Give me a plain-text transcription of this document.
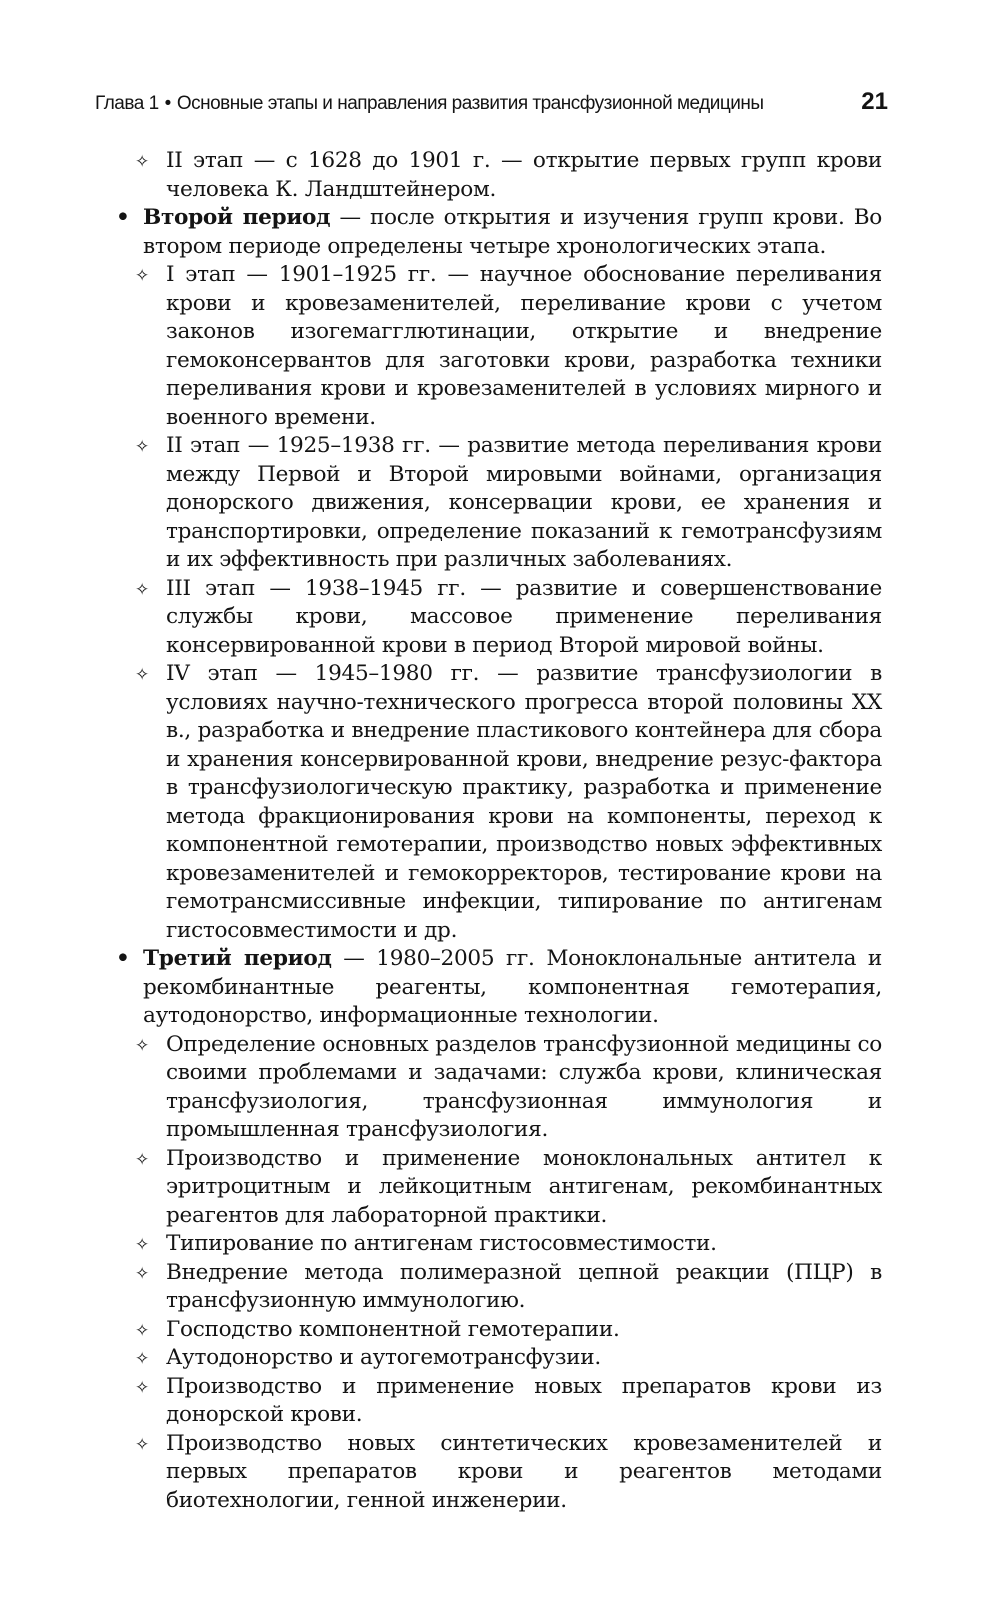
Глава 1 • Основные этапы и направления развития трансфузионной медицины	21
✧ II этап — с 1628 до 1901 г. — открытие первых групп крови человека К. Ландштейнером.
• Второй период — после открытия и изучения групп крови. Во втором периоде определены четыре хронологических этапа.
✧ I этап — 1901–1925 гг. — научное обоснование переливания крови и кровезаменителей, переливание крови с учетом законов изогемагглютинации, открытие и внедрение гемоконсервантов для заготовки крови, разработка техники переливания крови и кровезаменителей в условиях мирного и военного времени.
✧ II этап — 1925–1938 гг. — развитие метода переливания крови между Первой и Второй мировыми войнами, организация донорского движения, консервации крови, ее хранения и транспортировки, определение показаний к гемотрансфузиям и их эффективность при различных заболеваниях.
✧ III этап — 1938–1945 гг. — развитие и совершенствование службы крови, массовое применение переливания консервированной крови в период Второй мировой войны.
✧ IV этап — 1945–1980 гг. — развитие трансфузиологии в условиях научно-технического прогресса второй половины XX в., разработка и внедрение пластикового контейнера для сбора и хранения консервированной крови, внедрение резус-фактора в трансфузиологическую практику, разработка и применение метода фракционирования крови на компоненты, переход к компонентной гемотерапии, производство новых эффективных кровезаменителей и гемокорректоров, тестирование крови на гемотрансмиссивные инфекции, типирование по антигенам гистосовместимости и др.
• Третий период — 1980–2005 гг. Моноклональные антитела и рекомбинантные реагенты, компонентная гемотерапия, аутодонорство, информационные технологии.
✧ Определение основных разделов трансфузионной медицины со своими проблемами и задачами: служба крови, клиническая трансфузиология, трансфузионная иммунология и промышленная трансфузиология.
✧ Производство и применение моноклональных антител к эритроцитным и лейкоцитным антигенам, рекомбинантных реагентов для лабораторной практики.
✧ Типирование по антигенам гистосовместимости.
✧ Внедрение метода полимеразной цепной реакции (ПЦР) в трансфузионную иммунологию.
✧ Господство компонентной гемотерапии.
✧ Аутодонорство и аутогемотрансфузии.
✧ Производство и применение новых препаратов крови из донорской крови.
✧ Производство новых синтетических кровезаменителей и первых препаратов крови и реагентов методами биотехнологии, генной инженерии.
